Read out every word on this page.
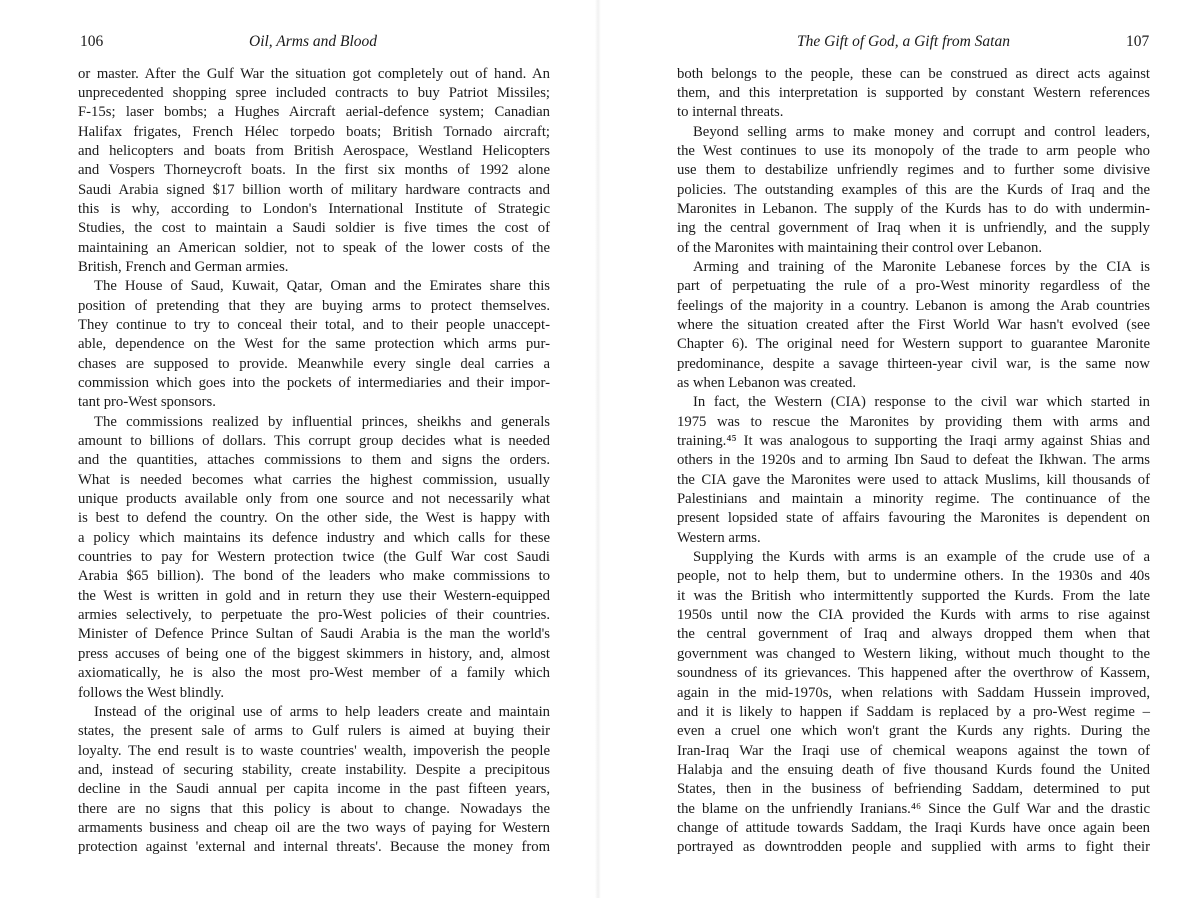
106	Oil, Arms and Blood
or master. After the Gulf War the situation got completely out of hand. An
unprecedented shopping spree included contracts to buy Patriot Missiles;
F-15s; laser bombs; a Hughes Aircraft aerial-defence system; Canadian
Halifax frigates, French Hélec torpedo boats; British Tornado aircraft;
and helicopters and boats from British Aerospace, Westland Helicopters
and Vospers Thorneycroft boats. In the first six months of 1992 alone
Saudi Arabia signed $17 billion worth of military hardware contracts and
this is why, according to London's International Institute of Strategic
Studies, the cost to maintain a Saudi soldier is five times the cost of
maintaining an American soldier, not to speak of the lower costs of the
British, French and German armies.
The House of Saud, Kuwait, Qatar, Oman and the Emirates share this
position of pretending that they are buying arms to protect themselves.
They continue to try to conceal their total, and to their people unaccept-
able, dependence on the West for the same protection which arms pur-
chases are supposed to provide. Meanwhile every single deal carries a
commission which goes into the pockets of intermediaries and their impor-
tant pro-West sponsors.
The commissions realized by influential princes, sheikhs and generals
amount to billions of dollars. This corrupt group decides what is needed
and the quantities, attaches commissions to them and signs the orders.
What is needed becomes what carries the highest commission, usually
unique products available only from one source and not necessarily what
is best to defend the country. On the other side, the West is happy with
a policy which maintains its defence industry and which calls for these
countries to pay for Western protection twice (the Gulf War cost Saudi
Arabia $65 billion). The bond of the leaders who make commissions to
the West is written in gold and in return they use their Western-equipped
armies selectively, to perpetuate the pro-West policies of their countries.
Minister of Defence Prince Sultan of Saudi Arabia is the man the world's
press accuses of being one of the biggest skimmers in history, and, almost
axiomatically, he is also the most pro-West member of a family which
follows the West blindly.
Instead of the original use of arms to help leaders create and maintain
states, the present sale of arms to Gulf rulers is aimed at buying their
loyalty. The end result is to waste countries' wealth, impoverish the people
and, instead of securing stability, create instability. Despite a precipitous
decline in the Saudi annual per capita income in the past fifteen years,
there are no signs that this policy is about to change. Nowadays the
armaments business and cheap oil are the two ways of paying for Western
protection against 'external and internal threats'. Because the money from
The Gift of God, a Gift from Satan	107
both belongs to the people, these can be construed as direct acts against
them, and this interpretation is supported by constant Western references
to internal threats.
Beyond selling arms to make money and corrupt and control leaders,
the West continues to use its monopoly of the trade to arm people who
use them to destabilize unfriendly regimes and to further some divisive
policies. The outstanding examples of this are the Kurds of Iraq and the
Maronites in Lebanon. The supply of the Kurds has to do with undermin-
ing the central government of Iraq when it is unfriendly, and the supply
of the Maronites with maintaining their control over Lebanon.
Arming and training of the Maronite Lebanese forces by the CIA is
part of perpetuating the rule of a pro-West minority regardless of the
feelings of the majority in a country. Lebanon is among the Arab countries
where the situation created after the First World War hasn't evolved (see
Chapter 6). The original need for Western support to guarantee Maronite
predominance, despite a savage thirteen-year civil war, is the same now
as when Lebanon was created.
In fact, the Western (CIA) response to the civil war which started in
1975 was to rescue the Maronites by providing them with arms and
training.⁴⁵ It was analogous to supporting the Iraqi army against Shias and
others in the 1920s and to arming Ibn Saud to defeat the Ikhwan. The arms
the CIA gave the Maronites were used to attack Muslims, kill thousands of
Palestinians and maintain a minority regime. The continuance of the
present lopsided state of affairs favouring the Maronites is dependent on
Western arms.
Supplying the Kurds with arms is an example of the crude use of a
people, not to help them, but to undermine others. In the 1930s and 40s
it was the British who intermittently supported the Kurds. From the late
1950s until now the CIA provided the Kurds with arms to rise against
the central government of Iraq and always dropped them when that
government was changed to Western liking, without much thought to the
soundness of its grievances. This happened after the overthrow of Kassem,
again in the mid-1970s, when relations with Saddam Hussein improved,
and it is likely to happen if Saddam is replaced by a pro-West regime –
even a cruel one which won't grant the Kurds any rights. During the
Iran-Iraq War the Iraqi use of chemical weapons against the town of
Halabja and the ensuing death of five thousand Kurds found the United
States, then in the business of befriending Saddam, determined to put
the blame on the unfriendly Iranians.⁴⁶ Since the Gulf War and the drastic
change of attitude towards Saddam, the Iraqi Kurds have once again been
portrayed as downtrodden people and supplied with arms to fight their
